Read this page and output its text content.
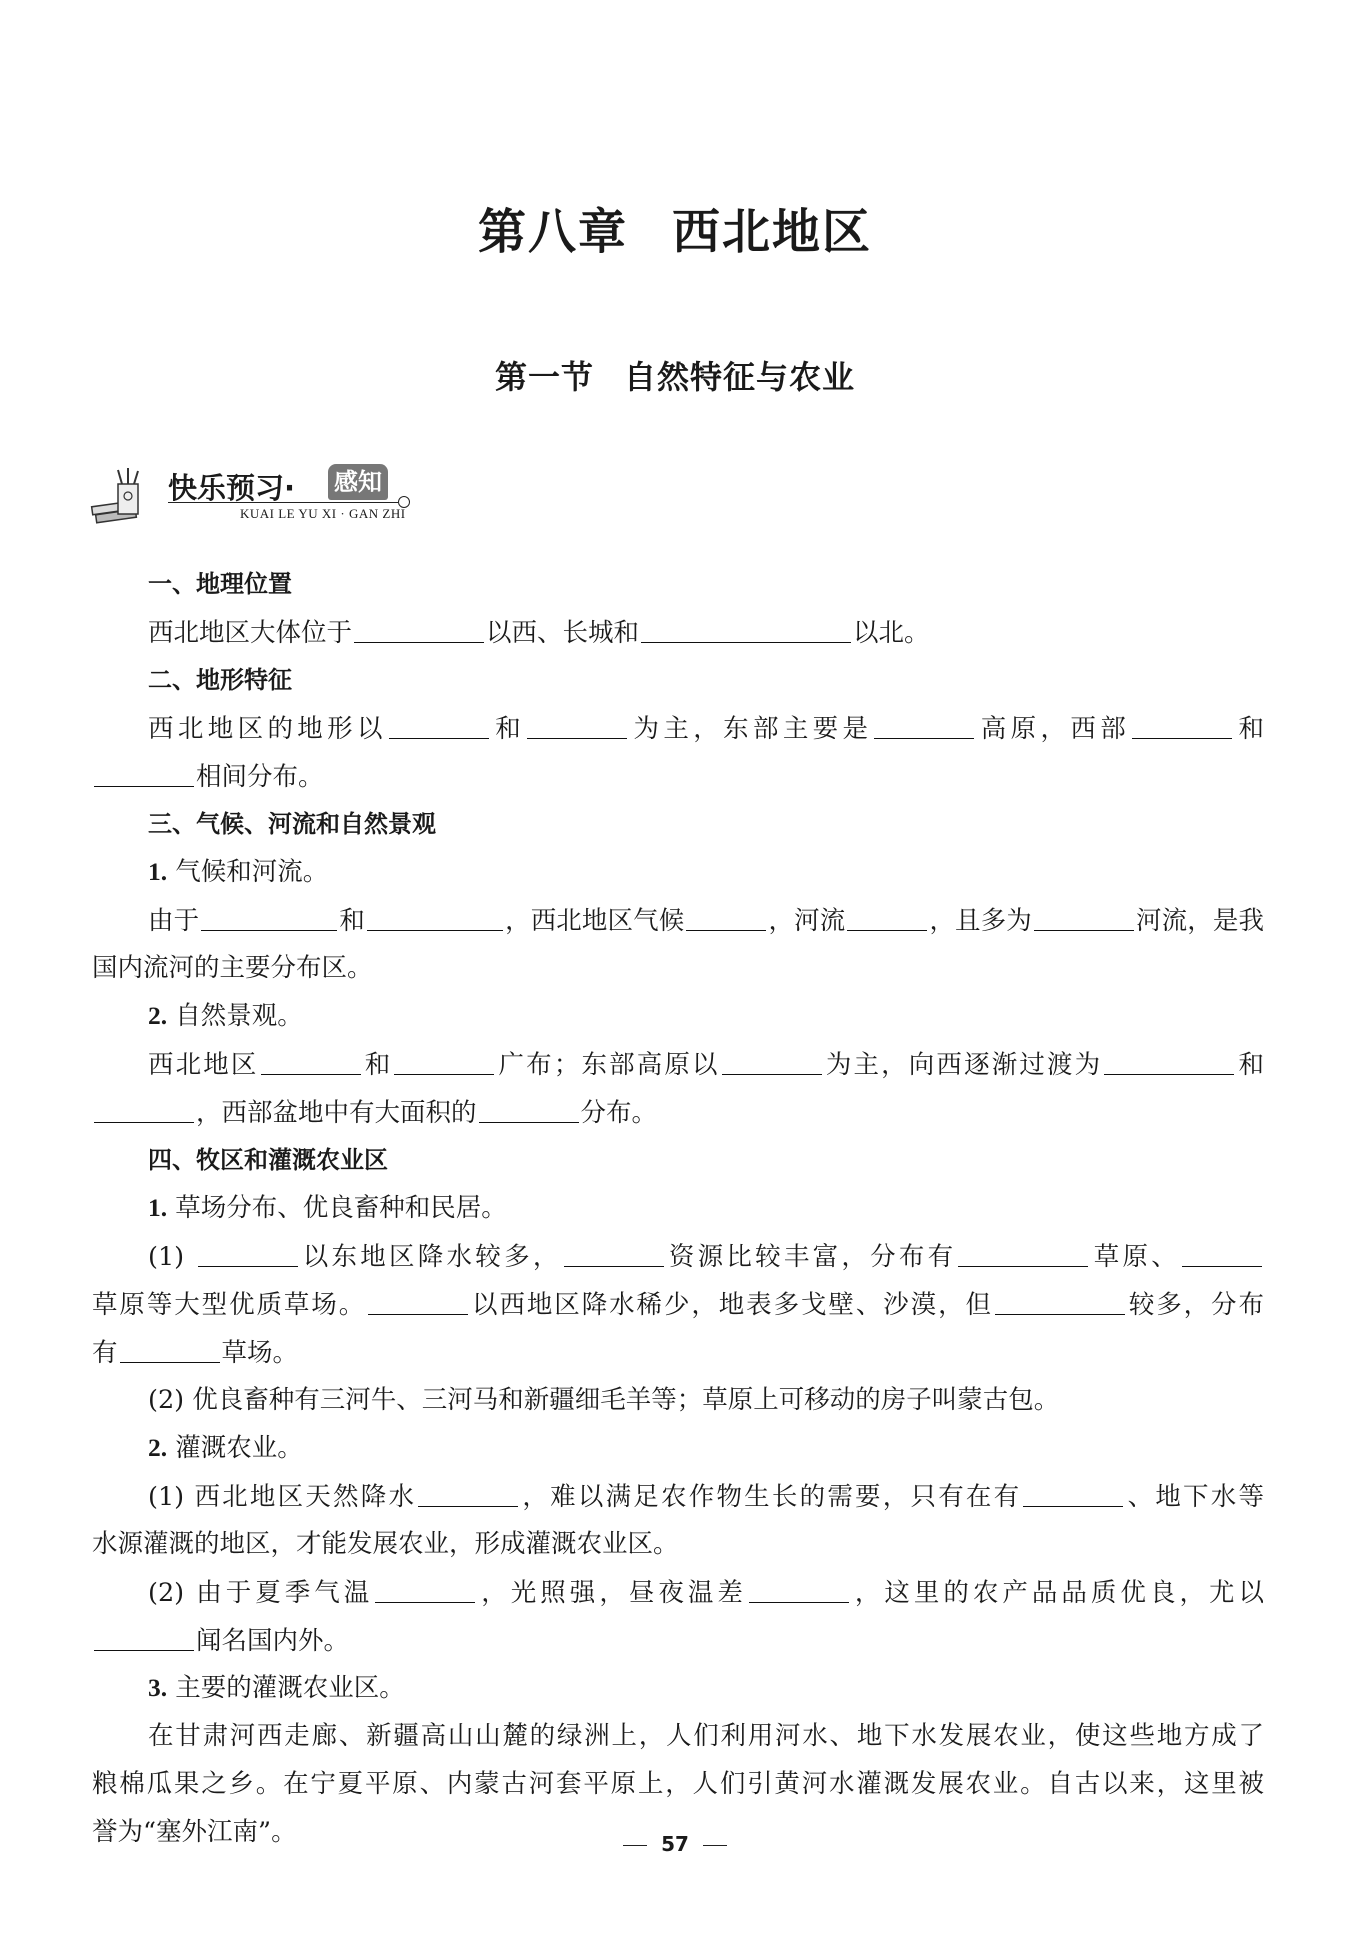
第八章 西北地区
第一节 自然特征与农业
快乐预习· 感知
KUAI LE YU XI · GAN ZHI
一、地理位置
西北地区大体位于	以西、长城和	以北。
二、地形特征
西北地区的地形以	和	为主，东部主要是	高原，西部	和
相间分布。
三、气候、河流和自然景观
1. 气候和河流。
由于	和	，西北地区气候	，河流	，且多为	河流，是我
国内流河的主要分布区。
2. 自然景观。
西北地区	和	广布；东部高原以	为主，向西逐渐过渡为	和
，西部盆地中有大面积的	分布。
四、牧区和灌溉农业区
1. 草场分布、优良畜种和民居。
(1)	以东地区降水较多，	资源比较丰富，分布有	草原、
草原等大型优质草场。	以西地区降水稀少，地表多戈壁、沙漠，但	较多，分布
有	草场。
(2) 优良畜种有三河牛、三河马和新疆细毛羊等；草原上可移动的房子叫蒙古包。
2. 灌溉农业。
(1) 西北地区天然降水	，难以满足农作物生长的需要，只有在有	、地下水等
水源灌溉的地区，才能发展农业，形成灌溉农业区。
(2) 由于夏季气温	，光照强，昼夜温差	，这里的农产品品质优良，尤以
闻名国内外。
3. 主要的灌溉农业区。
在甘肃河西走廊、新疆高山山麓的绿洲上，人们利用河水、地下水发展农业，使这些地方成了
粮棉瓜果之乡。在宁夏平原、内蒙古河套平原上，人们引黄河水灌溉发展农业。自古以来，这里被
誉为“塞外江南”。	57
